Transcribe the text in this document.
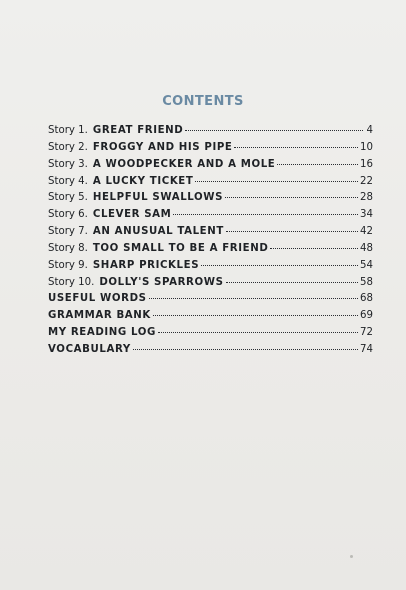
CONTENTS
Story 1. GREAT FRIEND	4
Story 2. FROGGY AND HIS PIPE	10
Story 3. A WOODPECKER AND A MOLE	16
Story 4. A LUCKY TICKET	22
Story 5. HELPFUL SWALLOWS	28
Story 6. CLEVER SAM	34
Story 7. AN ANUSUAL TALENT	42
Story 8. TOO SMALL TO BE A FRIEND	48
Story 9. SHARP PRICKLES	54
Story 10. DOLLY'S SPARROWS	58
USEFUL WORDS	68
GRAMMAR BANK	69
MY READING LOG	72
VOCABULARY	74
